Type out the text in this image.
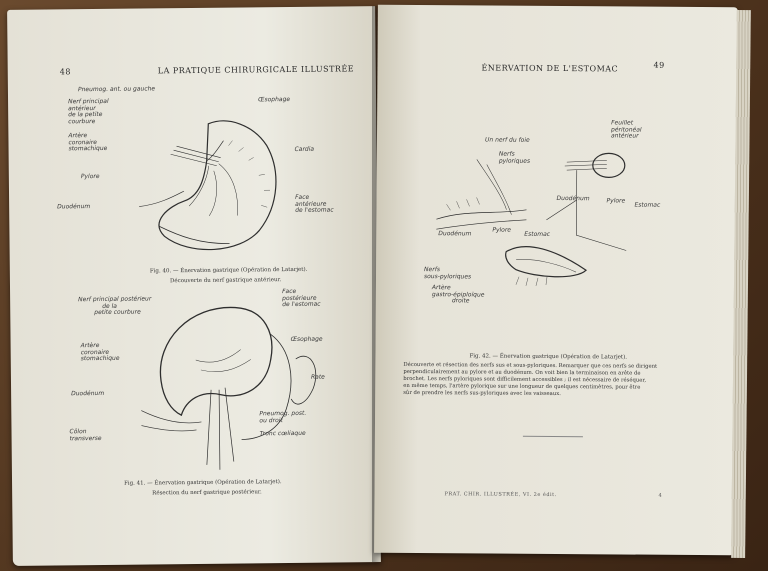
48	LA PRATIQUE CHIRURGICALE ILLUSTRÉE
Pneumog. ant. ou gauche
Nerf principal
antérieur
de la petite
courbure
Artère
coronaire
stomachique
Pylore
Duodénum
Œsophage
Cardia
Face
antérieure
de l'estomac
Fig. 40. — Énervation gastrique (Opération de Latarjet).
Découverte du nerf gastrique antérieur.
Nerf principal postérieur
de la
petite courbure
Face
postérieure
de l'estomac
Artère
coronaire
stomachique
Œsophage
Duodénum
Rate
Pneumog. post.
ou droit
Tronc cœliaque
Côlon
transverse
Fig. 41. — Énervation gastrique (Opération de Latarjet).
Résection du nerf gastrique postérieur.
ÉNERVATION DE L'ESTOMAC	49
Un nerf du foie
Nerfs
pyloriques
Feuillet
péritonéal
antérieur
Duodénum	Pylore
Estomac
Duodénum
Pylore
Estomac
Nerfs
sous-pyloriques
Artère
gastro-épiploïque
droite
Fig. 42. — Énervation gastrique (Opération de Latarjet).
Découverte et résection des nerfs sus et sous-pyloriques. Remarquer que ces nerfs se dirigent
perpendiculairement au pylore et au duodénum. On voit bien la terminaison en arête de
brochet. Les nerfs pyloriques sont difficilement accessibles ; il est nécessaire de réséquer,
en même temps, l'artère pylorique sur une longueur de quelques centimètres, pour être
sûr de prendre les nerfs sus-pyloriques avec les vaisseaux.
PRAT. CHIR. ILLUSTRÉE, VI. 2e édit.	4
